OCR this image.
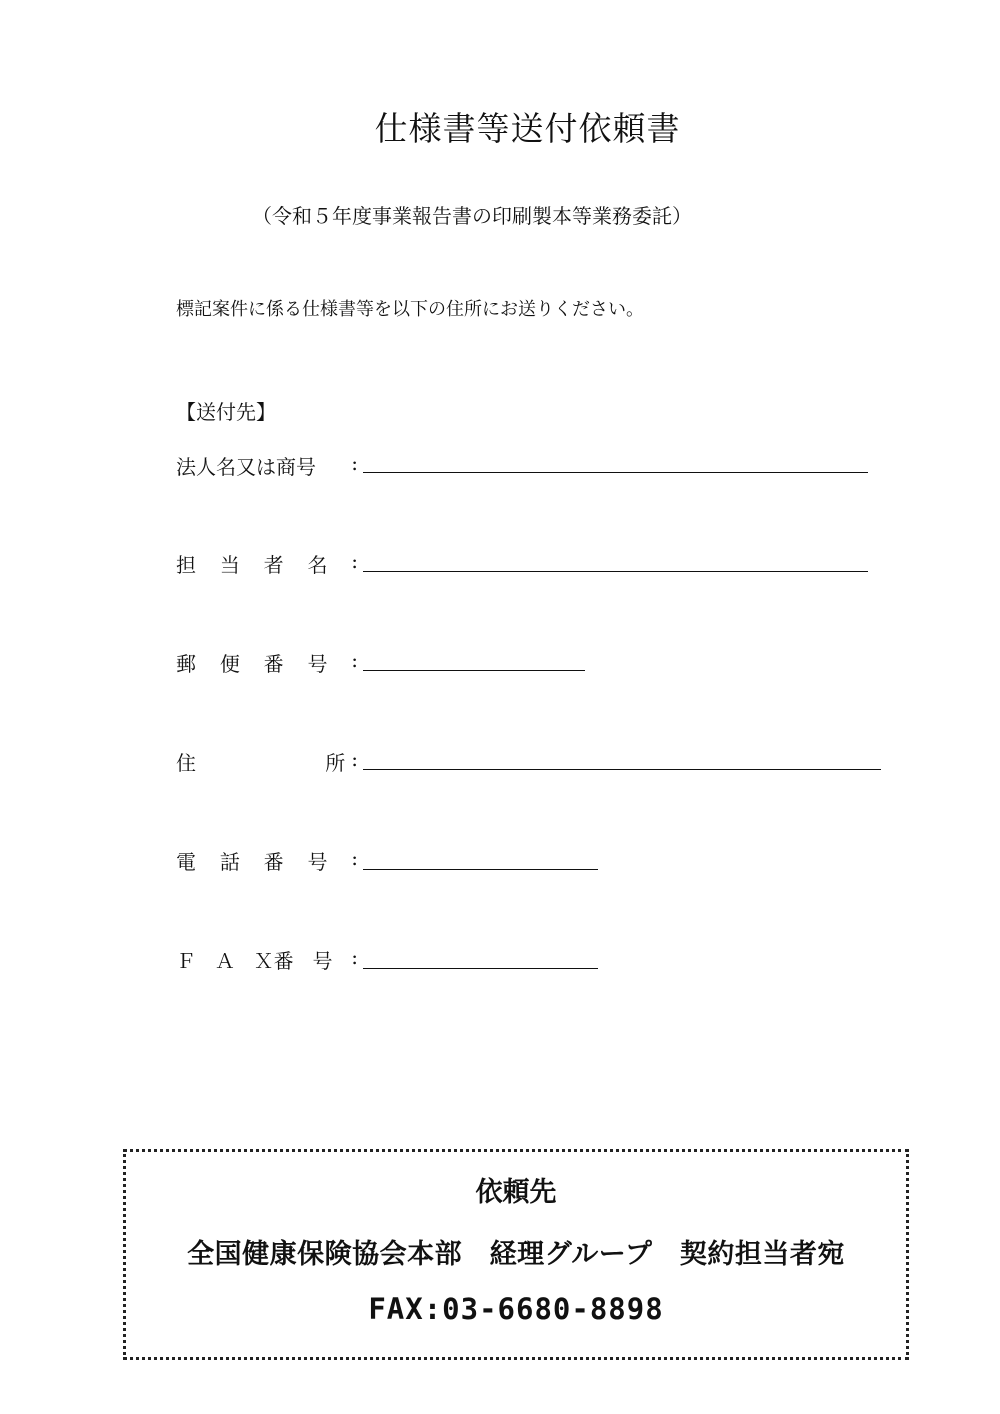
仕様書等送付依頼書
（令和５年度事業報告書の印刷製本等業務委託）
標記案件に係る仕様書等を以下の住所にお送りください。
【送付先】
法人名又は商号 :
担 当 者 名 :
郵 便 番 号 :
住	所 :
電 話 番 号 :
Ｆ Ａ Ｘ番 号 :
依頼先
全国健康保険協会本部　経理グループ　契約担当者宛
FAX:03-6680-8898
